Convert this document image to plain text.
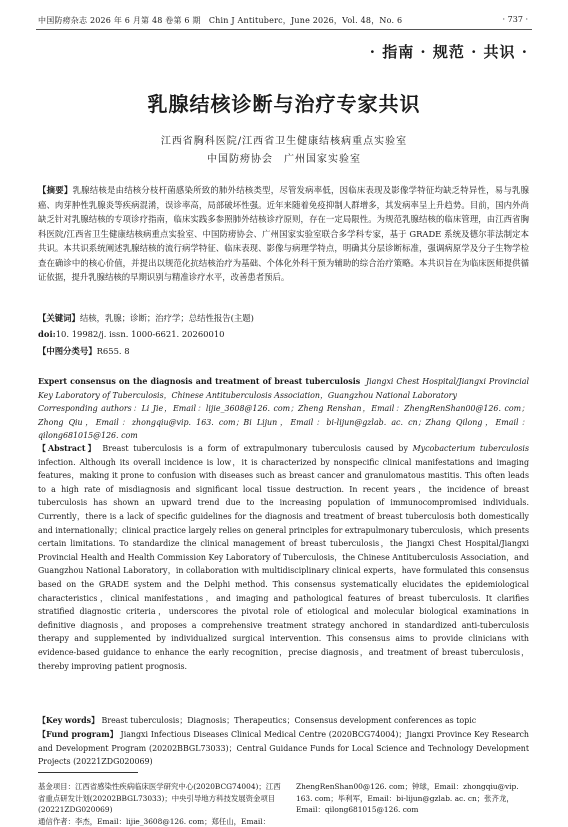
中国防痨杂志 2026 年 6 月第 48 卷第 6 期　Chin J Antituberc，June 2026，Vol. 48，No. 6	· 737 ·
· 指南 · 规范 · 共识 ·
乳腺结核诊断与治疗专家共识
江西省胸科医院/江西省卫生健康结核病重点实验室
中国防痨协会　广州国家实验室
【摘要】乳腺结核是由结核分枝杆菌感染所致的肺外结核类型，尽管发病率低，因临床表现及影像学特征均缺乏特异性，易与乳腺癌、肉芽肿性乳腺炎等疾病混淆，误诊率高，局部破坏性强。近年来随着免疫抑制人群增多，其发病率呈上升趋势。目前，国内外尚缺乏针对乳腺结核的专项诊疗指南，临床实践多参照肺外结核诊疗原则，存在一定局限性。为规范乳腺结核的临床管理，由江西省胸科医院/江西省卫生健康结核病重点实验室、中国防痨协会、广州国家实验室联合多学科专家，基于 GRADE 系统及德尔菲法制定本共识。本共识系统阐述乳腺结核的流行病学特征、临床表现、影像与病理学特点，明确其分层诊断标准，强调病原学及分子生物学检查在确诊中的核心价值，并提出以规范化抗结核治疗为基础、个体化外科干预为辅助的综合治疗策略。本共识旨在为临床医师提供循证依据，提升乳腺结核的早期识别与精准诊疗水平，改善患者预后。
【关键词】结核，乳腺；诊断；治疗学；总结性报告(主题)
doi:10. 19982/j. issn. 1000-6621. 20260010
【中图分类号】R655. 8
Expert consensus on the diagnosis and treatment of breast tuberculosis Jiangxi Chest Hospital/Jiangxi Provincial Key Laboratory of Tuberculosis，Chinese Antituberculosis Association，Guangzhou National Laboratory
Corresponding authors：Li Jie，Email：lijie_3608@126. com；Zheng Renshan，Email：ZhengRenShan00@126. com；Zhong Qiu，Email：zhongqiu@vip. 163. com；Bi Lijun，Email：bi-lijun@gzlab. ac. cn；Zhang Qilong，Email：qilong681015@126. com
【Abstract】 Breast tuberculosis is a form of extrapulmonary tuberculosis caused by Mycobacterium tuberculosis infection. Although its overall incidence is low，it is characterized by nonspecific clinical manifestations and imaging features，making it prone to confusion with diseases such as breast cancer and granulomatous mastitis. This often leads to a high rate of misdiagnosis and significant local tissue destruction. In recent years，the incidence of breast tuberculosis has shown an upward trend due to the increasing population of immunocompromised individuals. Currently，there is a lack of specific guidelines for the diagnosis and treatment of breast tuberculosis both domestically and internationally；clinical practice largely relies on general principles for extrapulmonary tuberculosis，which presents certain limitations. To standardize the clinical management of breast tuberculosis，the Jiangxi Chest Hospital/Jiangxi Provincial Health and Health Commission Key Laboratory of Tuberculosis，the Chinese Antituberculosis Association，and Guangzhou National Laboratory，in collaboration with multidisciplinary clinical experts，have formulated this consensus based on the GRADE system and the Delphi method. This consensus systematically elucidates the epidemiological characteristics，clinical manifestations，and imaging and pathological features of breast tuberculosis. It clarifies stratified diagnostic criteria，underscores the pivotal role of etiological and molecular biological examinations in definitive diagnosis，and proposes a comprehensive treatment strategy anchored in standardized anti-tuberculosis therapy and supplemented by individualized surgical intervention. This consensus aims to provide clinicians with evidence-based guidance to enhance the early recognition，precise diagnosis，and treatment of breast tuberculosis，thereby improving patient prognosis.
【Key words】 Breast tuberculosis；Diagnosis；Therapeutics；Consensus development conferences as topic
【Fund program】 Jiangxi Infectious Diseases Clinical Medical Centre (2020BCG74004)；Jiangxi Province Key Research and Development Program (20202BBGL73033)；Central Guidance Funds for Local Science and Technology Development Projects (20221ZDG020069)
基金项目：江西省感染性疾病临床医学研究中心(2020BCG74004)；江西省重点研发计划(20202BBGL73033)；中央引导地方科技发展资金项目(20221ZDG020069)
通信作者：李杰，Email：lijie_3608@126. com；郑任山，Email：
ZhengRenShan00@126. com；钟球，Email：zhongqiu@vip. 163. com；毕利军，Email：bi-lijun@gzlab. ac. cn；张齐龙，Email：qilong681015@126. com
